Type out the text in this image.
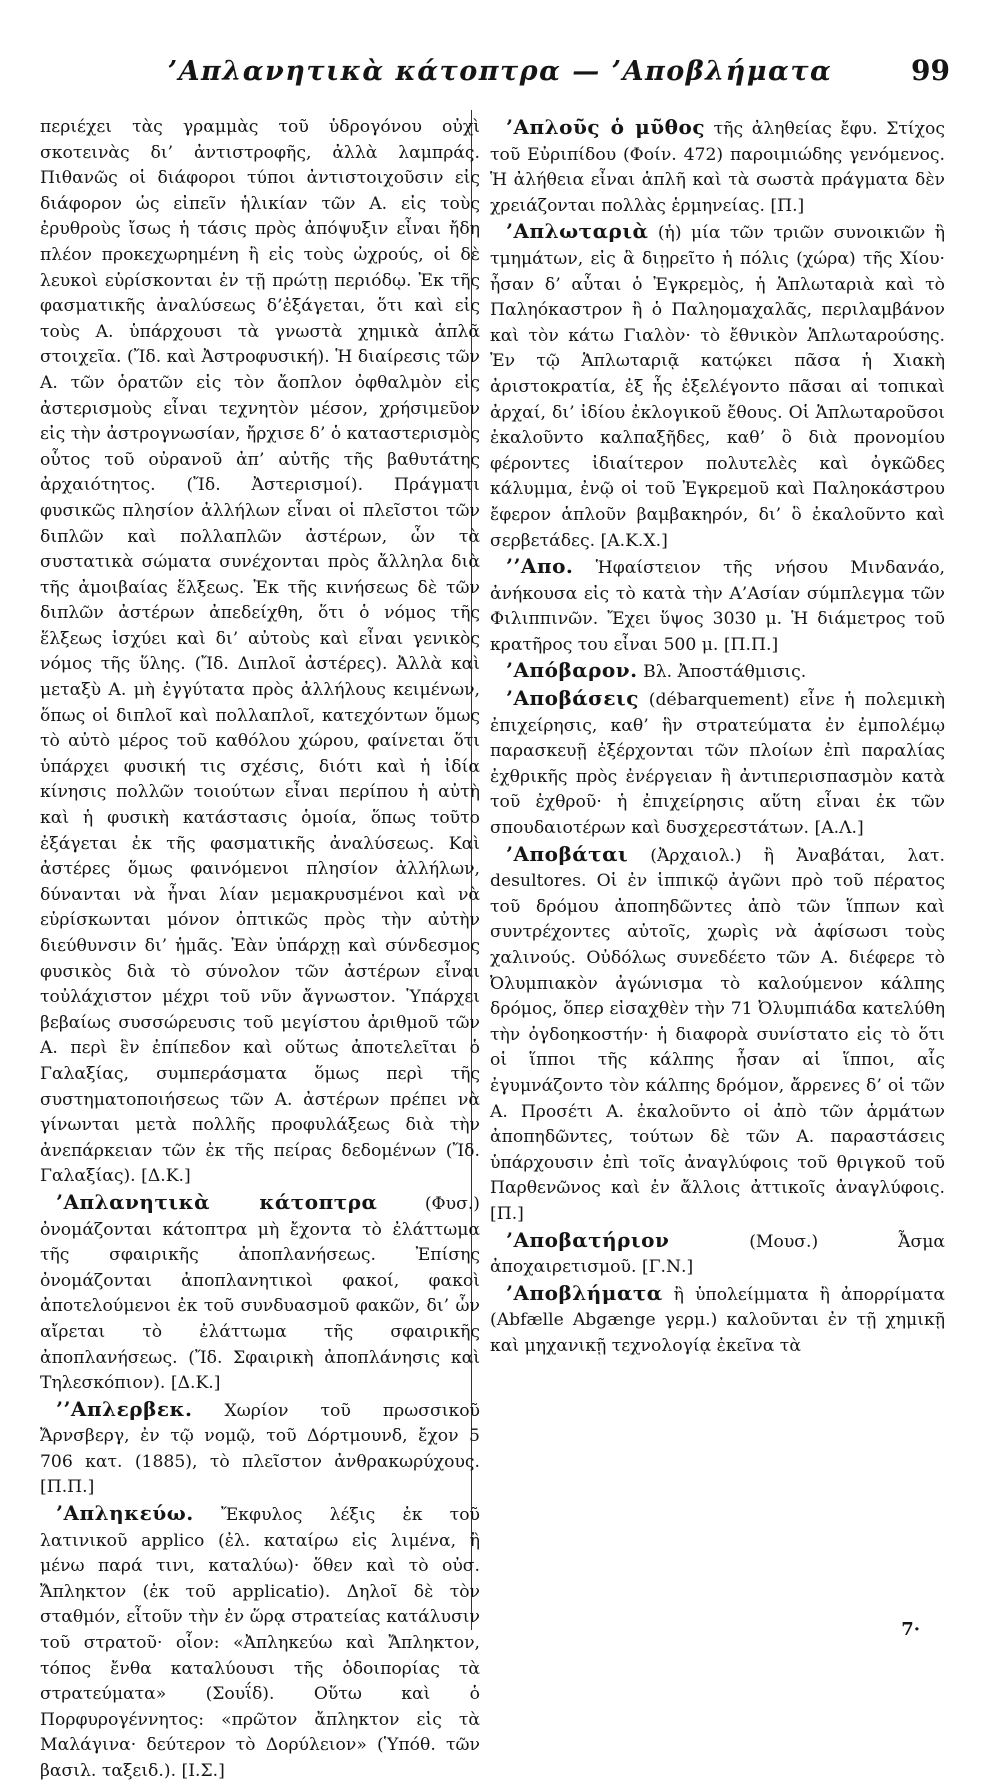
’Απλανητικὰ κάτοπτρα — ’Αποβλήματα	99

περιέχει τὰς γραμμὰς τοῦ ὑδρογόνου οὐχὶ σκοτεινὰς δι’ ἀντιστροφῆς, ἀλλὰ λαμπράς. Πιθανῶς οἱ διάφοροι τύποι ἀντιστοιχοῦσιν εἰς διάφορον ὡς εἰπεῖν ἡλικίαν τῶν Α. εἰς τοὺς ἐρυθροὺς ἴσως ἡ τάσις πρὸς ἀπόψυξιν εἶναι ἤδη πλέον προκεχωρημένη ἢ εἰς τοὺς ὠχρούς, οἱ δὲ λευκοὶ εὑρίσκονται ἐν τῇ πρώτῃ περιόδῳ. Ἐκ τῆς φασματικῆς ἀναλύσεως δ’ἐξάγεται, ὅτι καὶ εἰς τοὺς Α. ὑπάρχουσι τὰ γνωστὰ χημικὰ ἁπλᾶ στοιχεῖα. (Ἴδ. καὶ Ἀστροφυσική). Ἡ διαίρεσις τῶν Α. τῶν ὁρατῶν εἰς τὸν ἄοπλον ὀφθαλμὸν εἰς ἀστερισμοὺς εἶναι τεχνητὸν μέσον, χρήσιμεῦον εἰς τὴν ἀστρογνωσίαν, ἤρχισε δ’ ὁ καταστερισμὸς οὗτος τοῦ οὐρανοῦ ἀπ’ αὐτῆς τῆς βαθυτάτης ἀρχαιότητος. (Ἴδ. Ἀστερισμοί). Πράγματι φυσικῶς πλησίον ἀλλήλων εἶναι οἱ πλεῖστοι τῶν διπλῶν καὶ πολλαπλῶν ἀστέρων, ὧν τὰ συστατικὰ σώματα συνέχονται πρὸς ἄλληλα διὰ τῆς ἀμοιβαίας ἕλξεως. Ἐκ τῆς κινήσεως δὲ τῶν διπλῶν ἀστέρων ἀπεδείχθη, ὅτι ὁ νόμος τῆς ἕλξεως ἰσχύει καὶ δι’ αὐτοὺς καὶ εἶναι γενικὸς νόμος τῆς ὕλης. (Ἴδ. Διπλοῖ ἀστέρες). Ἀλλὰ καὶ μεταξὺ Α. μὴ ἐγγύτατα πρὸς ἀλλήλους κειμένων, ὅπως οἱ διπλοῖ καὶ πολλαπλοῖ, κατεχόντων ὅμως τὸ αὐτὸ μέρος τοῦ καθόλου χώρου, φαίνεται ὅτι ὑπάρχει φυσική τις σχέσις, διότι καὶ ἡ ἰδία κίνησις πολλῶν τοιούτων εἶναι περίπου ἡ αὐτὴ καὶ ἡ φυσικὴ κατάστασις ὁμοία, ὅπως τοῦτο ἐξάγεται ἐκ τῆς φασματικῆς ἀναλύσεως. Καὶ ἀστέρες ὅμως φαινόμενοι πλησίον ἀλλήλων, δύνανται νὰ ἦναι λίαν μεμακρυσμένοι καὶ νὰ εὑρίσκωνται μόνον ὀπτικῶς πρὸς τὴν αὐτὴν διεύθυνσιν δι’ ἡμᾶς. Ἐὰν ὑπάρχῃ καὶ σύνδεσμος φυσικὸς διὰ τὸ σύνολον τῶν ἀστέρων εἶναι τοὐλάχιστον μέχρι τοῦ νῦν ἄγνωστον. Ὑπάρχει βεβαίως συσσώρευσις τοῦ μεγίστου ἀριθμοῦ τῶν Α. περὶ ἓν ἐπίπεδον καὶ οὕτως ἀποτελεῖται ὁ Γαλαξίας, συμπεράσματα ὅμως περὶ τῆς συστηματοποιήσεως τῶν Α. ἀστέρων πρέπει νὰ γίνωνται μετὰ πολλῆς προφυλάξεως διὰ τὴν ἀνεπάρκειαν τῶν ἐκ τῆς πείρας δεδομένων (Ἴδ. Γαλαξίας). [Δ.Κ.]

’Απλανητικὰ κάτοπτρα (Φυσ.) ὀνομάζονται κάτοπτρα μὴ ἔχοντα τὸ ἐλάττωμα τῆς σφαιρικῆς ἀποπλανήσεως. Ἐπίσης ὀνομάζονται ἀποπλανητικοὶ φακοί, φακοὶ ἀποτελούμενοι ἐκ τοῦ συνδυασμοῦ φακῶν, δι’ ὧν αἴρεται τὸ ἐλάττωμα τῆς σφαιρικῆς ἀποπλανήσεως. (Ἴδ. Σφαιρικὴ ἀποπλάνησις καὶ Τηλεσκόπιον). [Δ.Κ.]

’’Απλερβεκ. Χωρίον τοῦ πρωσσικοῦ Ἄρνσβεργ, ἐν τῷ νομῷ, τοῦ Δόρτμουνδ, ἔχον 5 706 κατ. (1885), τὸ πλεῖστον ἀνθρακωρύχους. [Π.Π.]

’Απληκεύω. Ἔκφυλος λέξις ἐκ τοῦ λατινικοῦ applico (ἐλ. καταίρω εἰς λιμένα, ἢ μένω παρά τινι, καταλύω)· ὅθεν καὶ τὸ οὐσ. Ἄπληκτον (ἐκ τοῦ applicatio). Δηλοῖ δὲ τὸν σταθμόν, εἶτοῦν τὴν ἐν ὥρᾳ στρατείας κατάλυσιν τοῦ στρατοῦ· οἷον: «Ἀπληκεύω καὶ Ἄπληκτον, τόπος ἔνθα καταλύουσι τῆς ὁδοιπορίας τὰ στρατεύματα» (Σουΐδ). Οὕτω καὶ ὁ Πορφυρογέννητος: «πρῶτον ἄπληκτον εἰς τὰ Μαλάγινα· δεύτερον τὸ Δορύλειον» (Ὑπόθ. τῶν βασιλ. ταξειδ.). [Ι.Σ.]

’Απλοῦς ὁ μῦθος τῆς ἀληθείας ἔφυ. Στίχος τοῦ Εὐριπίδου (Φοίν. 472) παροιμιώδης γενόμενος. Ἡ ἀλήθεια εἶναι ἁπλῆ καὶ τὰ σωστὰ πράγματα δὲν χρειάζονται πολλὰς ἑρμηνείας. [Π.]

’Απλωταριὰ (ἡ) μία τῶν τριῶν συνοικιῶν ἢ τμημάτων, εἰς ἃ διῃρεῖτο ἡ πόλις (χώρα) τῆς Χίου· ἦσαν δ’ αὗται ὁ Ἐγκρεμὸς, ἡ Ἁπλωταριὰ καὶ τὸ Παληόκαστρον ἢ ὁ Παληομαχαλᾶς, περιλαμβάνον καὶ τὸν κάτω Γιαλὸν· τὸ ἔθνικὸν Ἁπλωταρούσης. Ἐν τῷ Ἁπλωταριᾷ κατῴκει πᾶσα ἡ Χιακὴ ἀριστοκρατία, ἐξ ἧς ἐξελέγοντο πᾶσαι αἱ τοπικαὶ ἀρχαί, δι’ ἰδίου ἐκλογικοῦ ἔθους. Οἱ Ἁπλωταροῦσοι ἐκαλοῦντο καλπαξῆδες, καθ’ ὃ διὰ προνομίου φέροντες ἰδιαίτερον πολυτελὲς καὶ ὀγκῶδες κάλυμμα, ἐνῷ οἱ τοῦ Ἐγκρεμοῦ καὶ Παληοκάστρου ἔφερον ἁπλοῦν βαμβακηρόν, δι’ ὃ ἐκαλοῦντο καὶ σερβετάδες. [Α.Κ.Χ.]

’’Απο. Ἡφαίστειον τῆς νήσου Μινδανάο, ἀνήκουσα εἰς τὸ κατὰ τὴν Α’Ασίαν σύμπλεγμα τῶν Φιλιππινῶν. Ἔχει ὕψος 3030 μ. Ἡ διάμετρος τοῦ κρατῆρος του εἶναι 500 μ. [Π.Π.]

’Απόβαρον. Βλ. Ἀποστάθμισις.

’Αποβάσεις (débarquement) εἶνε ἡ πολεμικὴ ἐπιχείρησις, καθ’ ἣν στρατεύματα ἐν ἐμπολέμῳ παρασκευῇ ἐξέρχονται τῶν πλοίων ἐπὶ παραλίας ἐχθρικῆς πρὸς ἐνέργειαν ἢ ἀντιπερισπασμὸν κατὰ τοῦ ἐχθροῦ· ἡ ἐπιχείρησις αὕτη εἶναι ἐκ τῶν σπουδαιοτέρων καὶ δυσχερεστάτων. [Α.Λ.]

’Αποβάται (Ἀρχαιολ.) ἢ Ἀναβάται, λατ. desultores. Οἱ ἐν ἱππικῷ ἀγῶνι πρὸ τοῦ πέρατος τοῦ δρόμου ἀποπηδῶντες ἀπὸ τῶν ἵππων καὶ συντρέχοντες αὐτοῖς, χωρὶς νὰ ἀφίσωσι τοὺς χαλινούς. Οὐδόλως συνεδέετο τῶν Α. διέφερε τὸ Ὀλυμπιακὸν ἀγώνισμα τὸ καλούμενον κάλπης δρόμος, ὅπερ εἰσαχθὲν τὴν 71 Ὀλυμπιάδα κατελύθη τὴν ὀγδοηκοστήν· ἡ διαφορὰ συνίστατο εἰς τὸ ὅτι οἱ ἵπποι τῆς κάλπης ἦσαν αἱ ἵπποι, αἷς ἐγυμνάζοντο τὸν κάλπης δρόμον, ἄρρενες δ’ οἱ τῶν Α. Προσέτι Α. ἐκαλοῦντο οἱ ἀπὸ τῶν ἁρμάτων ἀποπηδῶντες, τούτων δὲ τῶν Α. παραστάσεις ὑπάρχουσιν ἐπὶ τοῖς ἀναγλύφοις τοῦ θριγκοῦ τοῦ Παρθενῶνος καὶ ἐν ἄλλοις ἀττικοῖς ἀναγλύφοις. [Π.]

’Αποβατήριον (Μουσ.) Ἆσμα ἀποχαιρετισμοῦ. [Γ.Ν.]

’Αποβλήματα ἢ ὑπολείμματα ἢ ἀπορρίματα (Abfælle Abgænge γερμ.) καλοῦνται ἐν τῇ χημικῇ καὶ μηχανικῇ τεχνολογίᾳ ἐκεῖνα τὰ

7·
